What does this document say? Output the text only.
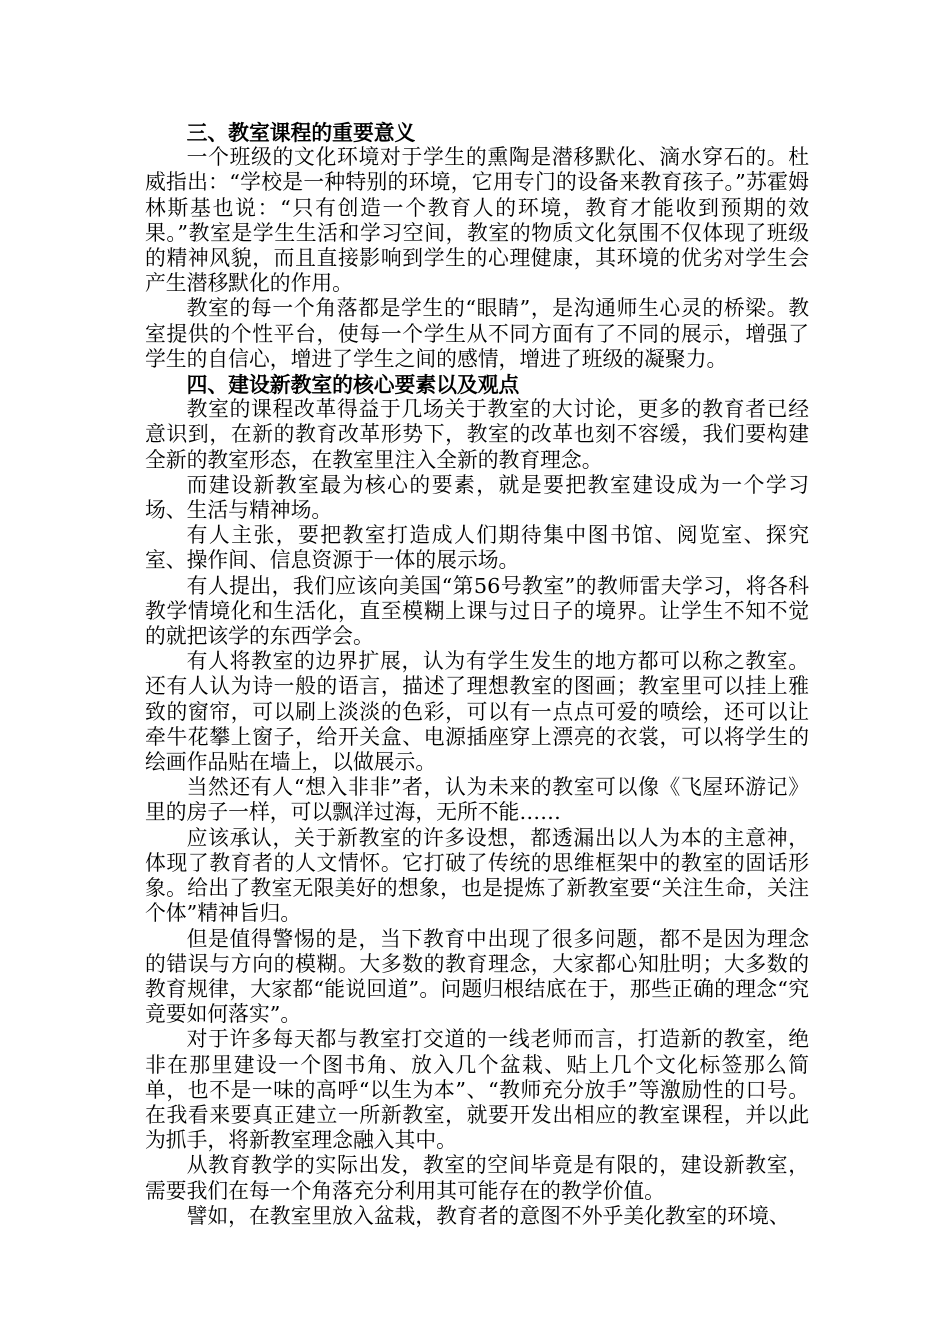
三、教室课程的重要意义

一个班级的文化环境对于学生的熏陶是潜移默化、滴水穿石的。杜威指出：“学校是一种特别的环境，它用专门的设备来教育孩子。”苏霍姆林斯基也说：“只有创造一个教育人的环境，教育才能收到预期的效果。”教室是学生生活和学习空间，教室的物质文化氛围不仅体现了班级的精神风貌，而且直接影响到学生的心理健康，其环境的优劣对学生会产生潜移默化的作用。

教室的每一个角落都是学生的“眼睛”，是沟通师生心灵的桥梁。教室提供的个性平台，使每一个学生从不同方面有了不同的展示，增强了学生的自信心，增进了学生之间的感情，增进了班级的凝聚力。

四、建设新教室的核心要素以及观点

教室的课程改革得益于几场关于教室的大讨论，更多的教育者已经意识到，在新的教育改革形势下，教室的改革也刻不容缓，我们要构建全新的教室形态，在教室里注入全新的教育理念。

而建设新教室最为核心的要素，就是要把教室建设成为一个学习场、生活与精神场。

有人主张，要把教室打造成人们期待集中图书馆、阅览室、探究室、操作间、信息资源于一体的展示场。

有人提出，我们应该向美国“第56号教室”的教师雷夫学习，将各科教学情境化和生活化，直至模糊上课与过日子的境界。让学生不知不觉的就把该学的东西学会。

有人将教室的边界扩展，认为有学生发生的地方都可以称之教室。还有人认为诗一般的语言，描述了理想教室的图画；教室里可以挂上雅致的窗帘，可以刷上淡淡的色彩，可以有一点点可爱的喷绘，还可以让牵牛花攀上窗子，给开关盒、电源插座穿上漂亮的衣裳，可以将学生的绘画作品贴在墙上，以做展示。

当然还有人“想入非非”者，认为未来的教室可以像《飞屋环游记》里的房子一样，可以飘洋过海，无所不能……

应该承认，关于新教室的许多设想，都透漏出以人为本的主意神，体现了教育者的人文情怀。它打破了传统的思维框架中的教室的固话形象。给出了教室无限美好的想象，也是提炼了新教室要“关注生命，关注个体”精神旨归。

但是值得警惕的是，当下教育中出现了很多问题，都不是因为理念的错误与方向的模糊。大多数的教育理念，大家都心知肚明；大多数的教育规律，大家都“能说回道”。问题归根结底在于，那些正确的理念“究竟要如何落实”。

对于许多每天都与教室打交道的一线老师而言，打造新的教室，绝非在那里建设一个图书角、放入几个盆栽、贴上几个文化标签那么简单，也不是一味的高呼“以生为本”、“教师充分放手”等激励性的口号。在我看来要真正建立一所新教室，就要开发出相应的教室课程，并以此为抓手，将新教室理念融入其中。

从教育教学的实际出发，教室的空间毕竟是有限的，建设新教室，需要我们在每一个角落充分利用其可能存在的教学价值。

譬如，在教室里放入盆栽，教育者的意图不外乎美化教室的环境、
